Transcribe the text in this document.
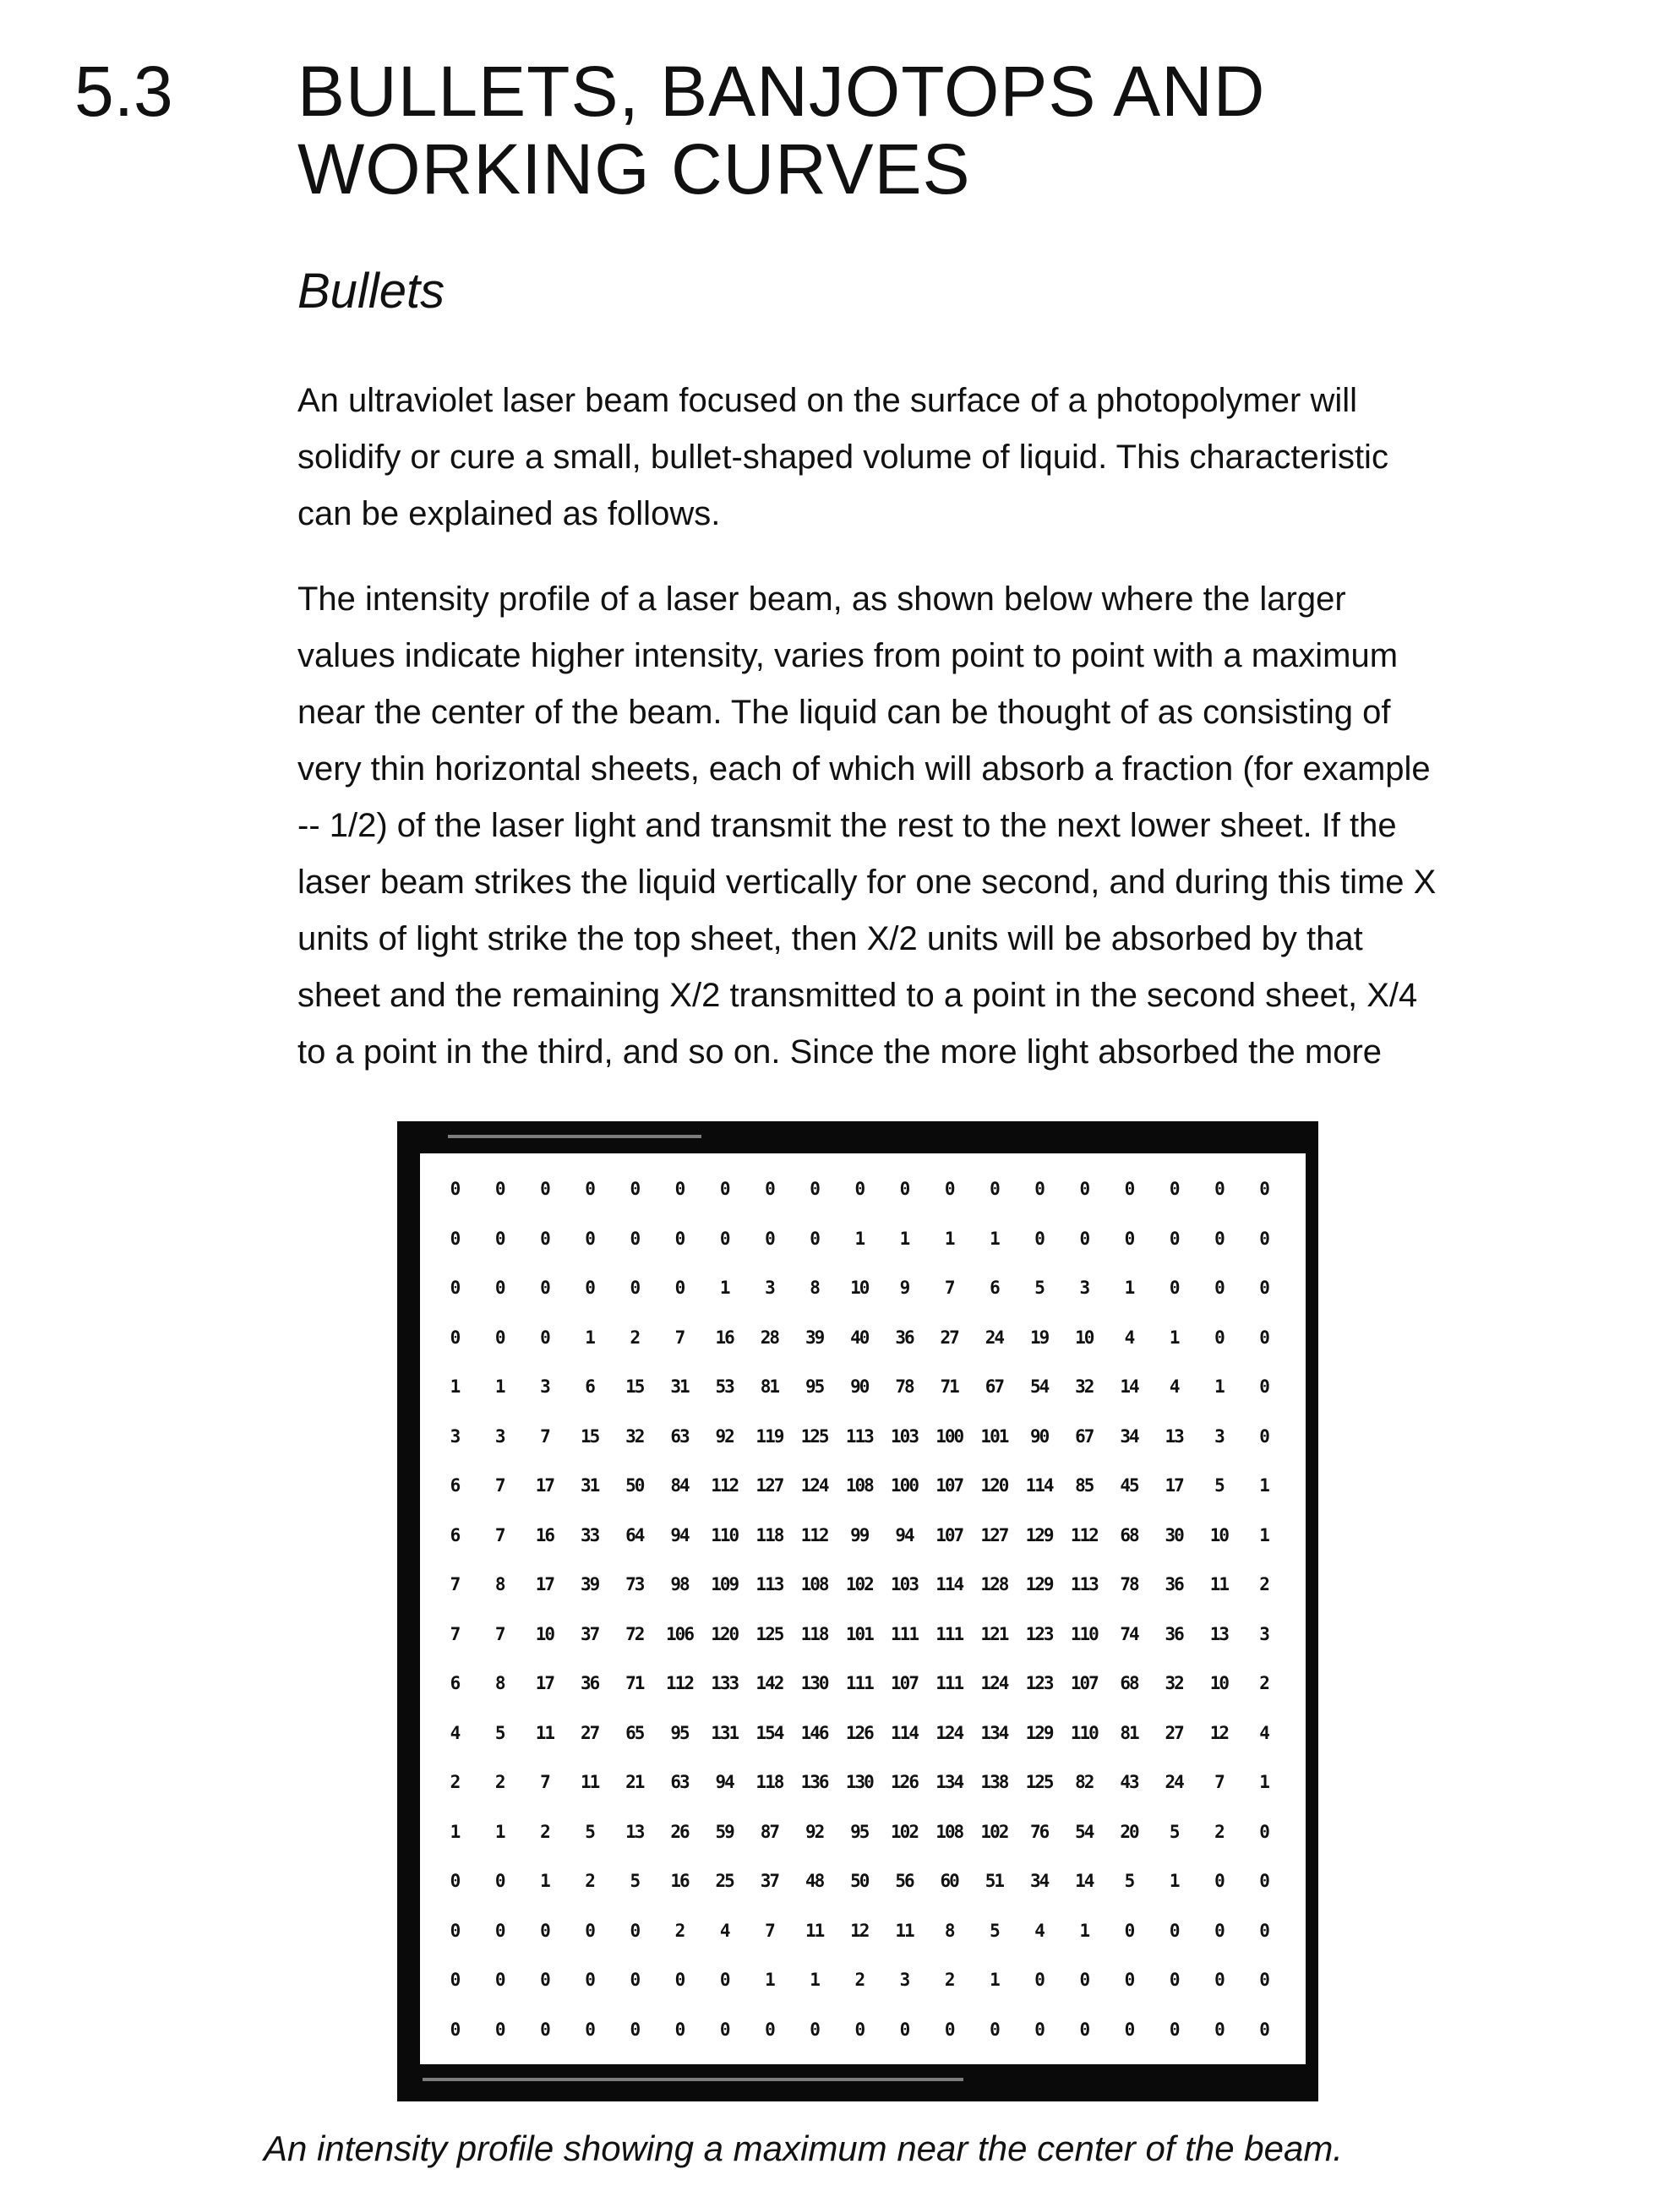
5.3 BULLETS, BANJOTOPS AND
WORKING CURVES
Bullets
An ultraviolet laser beam focused on the surface of a photopolymer will
solidify or cure a small, bullet-shaped volume of liquid. This characteristic
can be explained as follows.
The intensity profile of a laser beam, as shown below where the larger
values indicate higher intensity, varies from point to point with a maximum
near the center of the beam. The liquid can be thought of as consisting of
very thin horizontal sheets, each of which will absorb a fraction (for example
-- 1/2) of the laser light and transmit the rest to the next lower sheet. If the
laser beam strikes the liquid vertically for one second, and during this time X
units of light strike the top sheet, then X/2 units will be absorbed by that
sheet and the remaining X/2 transmitted to a point in the second sheet, X/4
to a point in the third, and so on. Since the more light absorbed the more
0	0	0	0	0	0	0	0	0	0	0	0	0	0	0	0	0	0	0
0	0	0	0	0	0	0	0	0	1	1	1	1	0	0	0	0	0	0
0	0	0	0	0	0	1	3	8	10	9	7	6	5	3	1	0	0	0
0	0	0	1	2	7	16	28	39	40	36	27	24	19	10	4	1	0	0
1	1	3	6	15	31	53	81	95	90	78	71	67	54	32	14	4	1	0
3	3	7	15	32	63	92	119	125	113	103	100	101	90	67	34	13	3	0
6	7	17	31	50	84	112	127	124	108	100	107	120	114	85	45	17	5	1
6	7	16	33	64	94	110	118	112	99	94	107	127	129	112	68	30	10	1
7	8	17	39	73	98	109	113	108	102	103	114	128	129	113	78	36	11	2
7	7	10	37	72	106	120	125	118	101	111	111	121	123	110	74	36	13	3
6	8	17	36	71	112	133	142	130	111	107	111	124	123	107	68	32	10	2
4	5	11	27	65	95	131	154	146	126	114	124	134	129	110	81	27	12	4
2	2	7	11	21	63	94	118	136	130	126	134	138	125	82	43	24	7	1
1	1	2	5	13	26	59	87	92	95	102	108	102	76	54	20	5	2	0
0	0	1	2	5	16	25	37	48	50	56	60	51	34	14	5	1	0	0
0	0	0	0	0	2	4	7	11	12	11	8	5	4	1	0	0	0	0
0	0	0	0	0	0	0	1	1	2	3	2	1	0	0	0	0	0	0
0	0	0	0	0	0	0	0	0	0	0	0	0	0	0	0	0	0	0
An intensity profile showing a maximum near the center of the beam.
